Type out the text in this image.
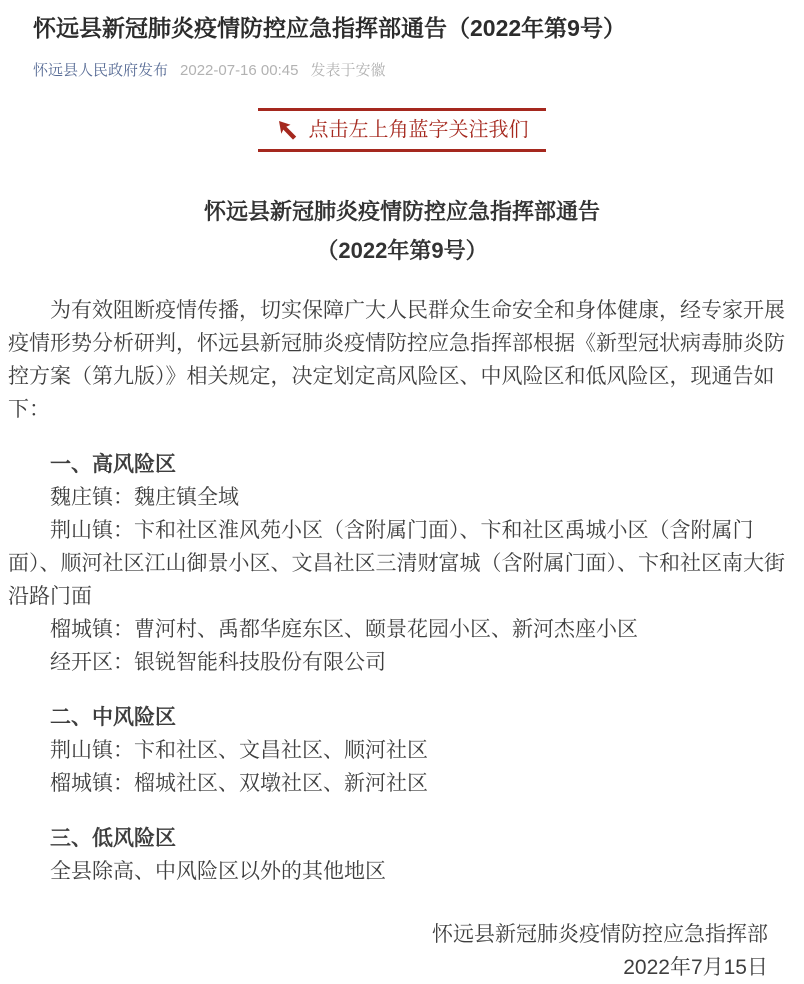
怀远县新冠肺炎疫情防控应急指挥部通告（2022年第9号）
怀远县人民政府发布 2022-07-16 00:45 发表于安徽
点击左上角蓝字关注我们
怀远县新冠肺炎疫情防控应急指挥部通告
（2022年第9号）

为有效阻断疫情传播，切实保障广大人民群众生命安全和身体健康，经专家开展疫情形势分析研判，怀远县新冠肺炎疫情防控应急指挥部根据《新型冠状病毒肺炎防控方案（第九版）》相关规定，决定划定高风险区、中风险区和低风险区，现通告如下：

一、高风险区

魏庄镇：魏庄镇全域

荆山镇：卞和社区淮风苑小区（含附属门面）、卞和社区禹城小区（含附属门面）、顺河社区江山御景小区、文昌社区三清财富城（含附属门面）、卞和社区南大街沿路门面

榴城镇：曹河村、禹都华庭东区、颐景花园小区、新河杰座小区

经开区：银锐智能科技股份有限公司

二、中风险区

荆山镇：卞和社区、文昌社区、顺河社区

榴城镇：榴城社区、双墩社区、新河社区

三、低风险区

全县除高、中风险区以外的其他地区

怀远县新冠肺炎疫情防控应急指挥部
2022年7月15日
